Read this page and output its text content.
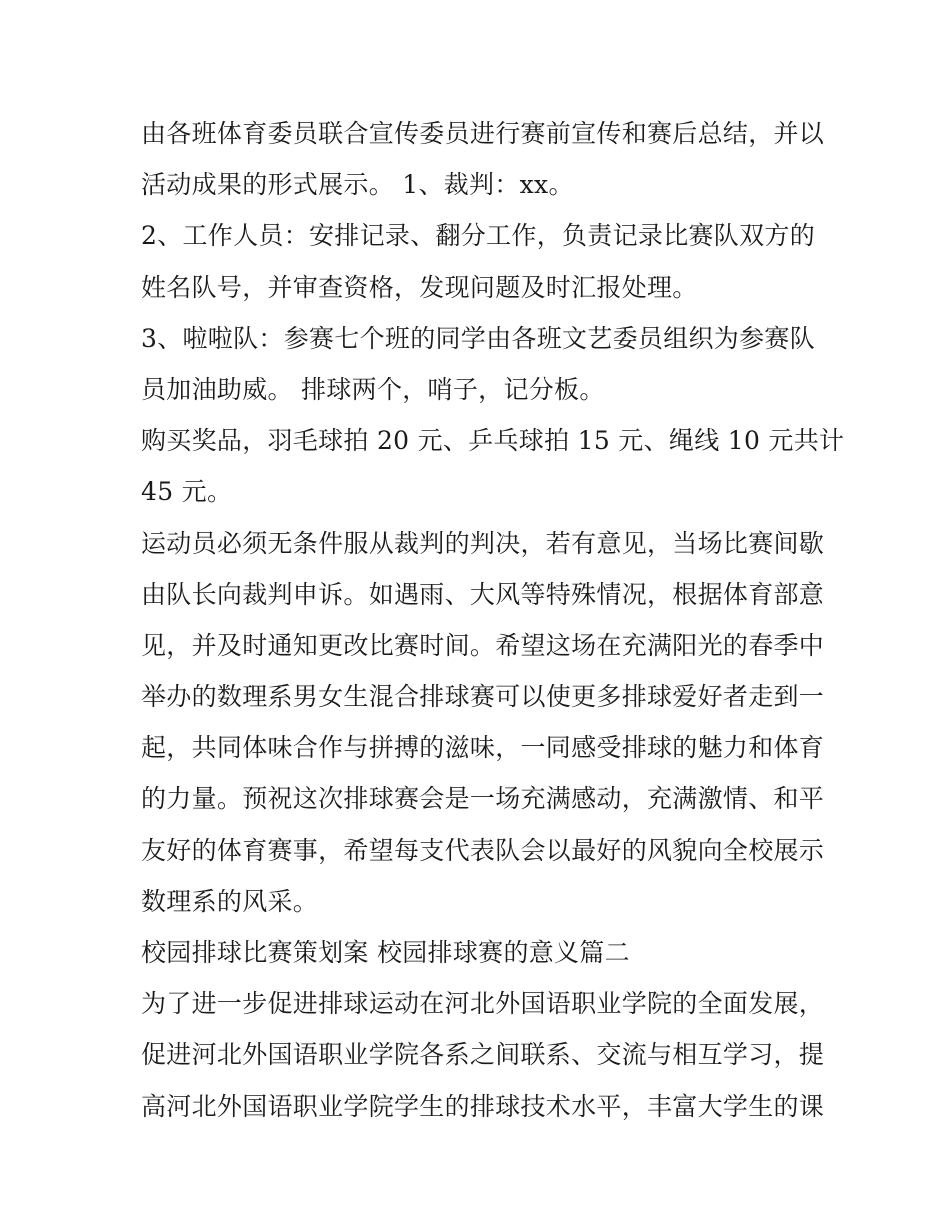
由各班体育委员联合宣传委员进行赛前宣传和赛后总结，并以
活动成果的形式展示。 1、裁判：xx。
2、工作人员：安排记录、翻分工作，负责记录比赛队双方的
姓名队号，并审查资格，发现问题及时汇报处理。
3、啦啦队：参赛七个班的同学由各班文艺委员组织为参赛队
员加油助威。 排球两个，哨子，记分板。
购买奖品，羽毛球拍 20 元、乒乓球拍 15 元、绳线 10 元共计
45 元。
运动员必须无条件服从裁判的判决，若有意见，当场比赛间歇
由队长向裁判申诉。如遇雨、大风等特殊情况，根据体育部意
见，并及时通知更改比赛时间。希望这场在充满阳光的春季中
举办的数理系男女生混合排球赛可以使更多排球爱好者走到一
起，共同体味合作与拼搏的滋味，一同感受排球的魅力和体育
的力量。预祝这次排球赛会是一场充满感动，充满激情、和平
友好的体育赛事，希望每支代表队会以最好的风貌向全校展示
数理系的风采。
校园排球比赛策划案 校园排球赛的意义篇二
为了进一步促进排球运动在河北外国语职业学院的全面发展，
促进河北外国语职业学院各系之间联系、交流与相互学习，提
高河北外国语职业学院学生的排球技术水平，丰富大学生的课
